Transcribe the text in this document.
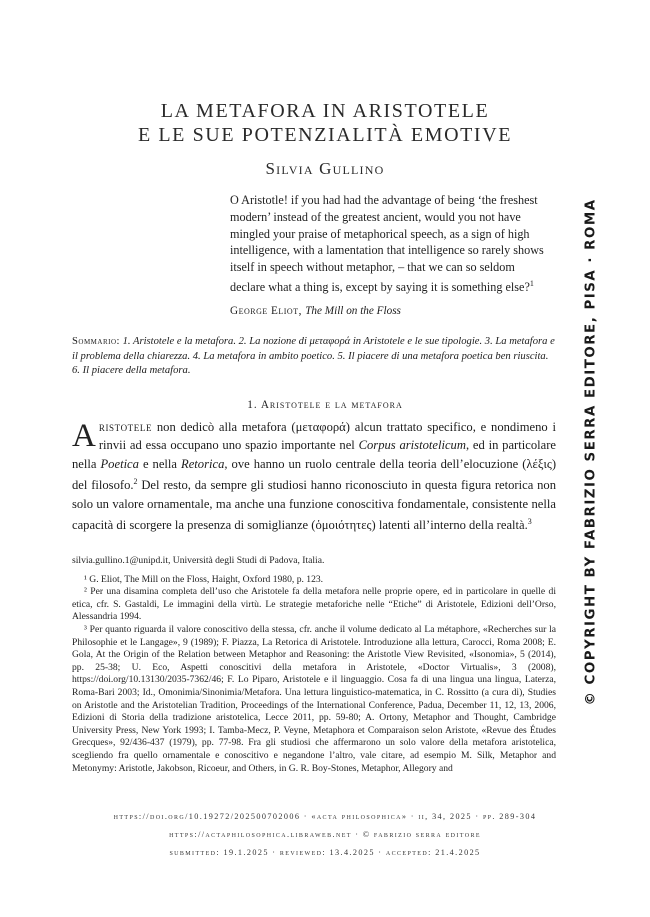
LA METAFORA IN ARISTOTELE
E LE SUE POTENZIALITÀ EMOTIVE
Silvia Gullino

O Aristotle! if you had had the advantage of being ‘the freshest modern’ instead of the greatest ancient, would you not have mingled your praise of metaphorical speech, as a sign of high intelligence, with a lamentation that intelligence so rarely shows itself in speech without metaphor, – that we can so seldom declare what a thing is, except by saying it is something else?$^1$

George Eliot, The Mill on the Floss
Sommario: 1. Aristotele e la metafora. 2. La nozione di μεταφορά in Aristotele e le sue tipologie. 3. La metafora e il problema della chiarezza. 4. La metafora in ambito poetico. 5. Il piacere di una metafora poetica ben riuscita. 6. Il piacere della metafora.
1. Aristotele e la metafora
Aristotele non dedicò alla metafora (μεταφορά) alcun trattato specifico, e nondimeno i rinvii ad essa occupano uno spazio importante nel Corpus aristotelicum, ed in particolare nella Poetica e nella Retorica, ove hanno un ruolo centrale della teoria dell’elocuzione (λέξις) del filosofo.$^2$ Del resto, da sempre gli studiosi hanno riconosciuto in questa figura retorica non solo un valore ornamentale, ma anche una funzione conoscitiva fondamentale, consistente nella capacità di scorgere la presenza di somiglianze (ὁμοιότητες) latenti all’interno della realtà.$^3$

silvia.gullino.1@unipd.it, Università degli Studi di Padova, Italia.

¹ G. Eliot, The Mill on the Floss, Haight, Oxford 1980, p. 123.

² Per una disamina completa dell’uso che Aristotele fa della metafora nelle proprie opere, ed in particolare in quelle di etica, cfr. S. Gastaldi, Le immagini della virtù. Le strategie metaforiche nelle “Etiche” di Aristotele, Edizioni dell’Orso, Alessandria 1994.

³ Per quanto riguarda il valore conoscitivo della stessa, cfr. anche il volume dedicato al La métaphore, «Recherches sur la Philosophie et le Langage», 9 (1989); F. Piazza, La Retorica di Aristotele. Introduzione alla lettura, Carocci, Roma 2008; E. Gola, At the Origin of the Relation between Metaphor and Reasoning: the Aristotle View Revisited, «Isonomia», 5 (2014), pp. 25-38; U. Eco, Aspetti conoscitivi della metafora in Aristotele, «Doctor Virtualis», 3 (2008), https://doi.org/10.13130/2035-7362/46; F. Lo Piparo, Aristotele e il linguaggio. Cosa fa di una lingua una lingua, Laterza, Roma-Bari 2003; Id., Omonimia/Sinonimia/Metafora. Una lettura linguistico-matematica, in C. Rossitto (a cura di), Studies on Aristotle and the Aristotelian Tradition, Proceedings of the International Conference, Padua, December 11, 12, 13, 2006, Edizioni di Storia della tradizione aristotelica, Lecce 2011, pp. 59-80; A. Ortony, Metaphor and Thought, Cambridge University Press, New York 1993; I. Tamba-Mecz, P. Veyne, Metaphora et Comparaison selon Aristote, «Revue des Études Grecques», 92/436-437 (1979), pp. 77-98. Fra gli studiosi che affermarono un solo valore della metafora aristotelica, scegliendo fra quello ornamentale e conoscitivo e negandone l’altro, vale citare, ad esempio M. Silk, Metaphor and Metonymy: Aristotle, Jakobson, Ricoeur, and Others, in G. R. Boy-Stones, Metaphor, Allegory and

© COPYRIGHT BY FABRIZIO SERRA EDITORE, PISA · ROMA
https://doi.org/10.19272/202500702006 · «acta philosophica» · ii, 34, 2025 · pp. 289-304
https://actaphilosophica.libraweb.net · © fabrizio serra editore
submitted: 19.1.2025 · reviewed: 13.4.2025 · accepted: 21.4.2025
